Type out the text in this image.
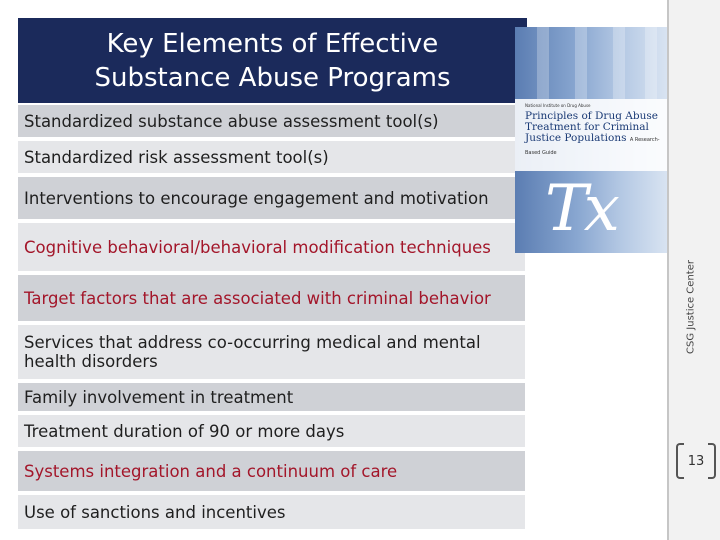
Key Elements of Effective
Substance Abuse Programs
Standardized substance abuse assessment tool(s)
Standardized risk assessment tool(s)
Interventions to encourage engagement and motivation
Cognitive behavioral/behavioral modification techniques
Target factors that are associated with criminal behavior
Services that address co-occurring medical and mental health disorders
Family involvement in treatment
Treatment duration of 90 or more days
Systems integration and a continuum of care
Use of sanctions and incentives
National Institute on Drug Abuse
Principles of Drug Abuse Treatment for Criminal Justice Populations A Research-Based Guide
Tx
CSG Justice Center
13
